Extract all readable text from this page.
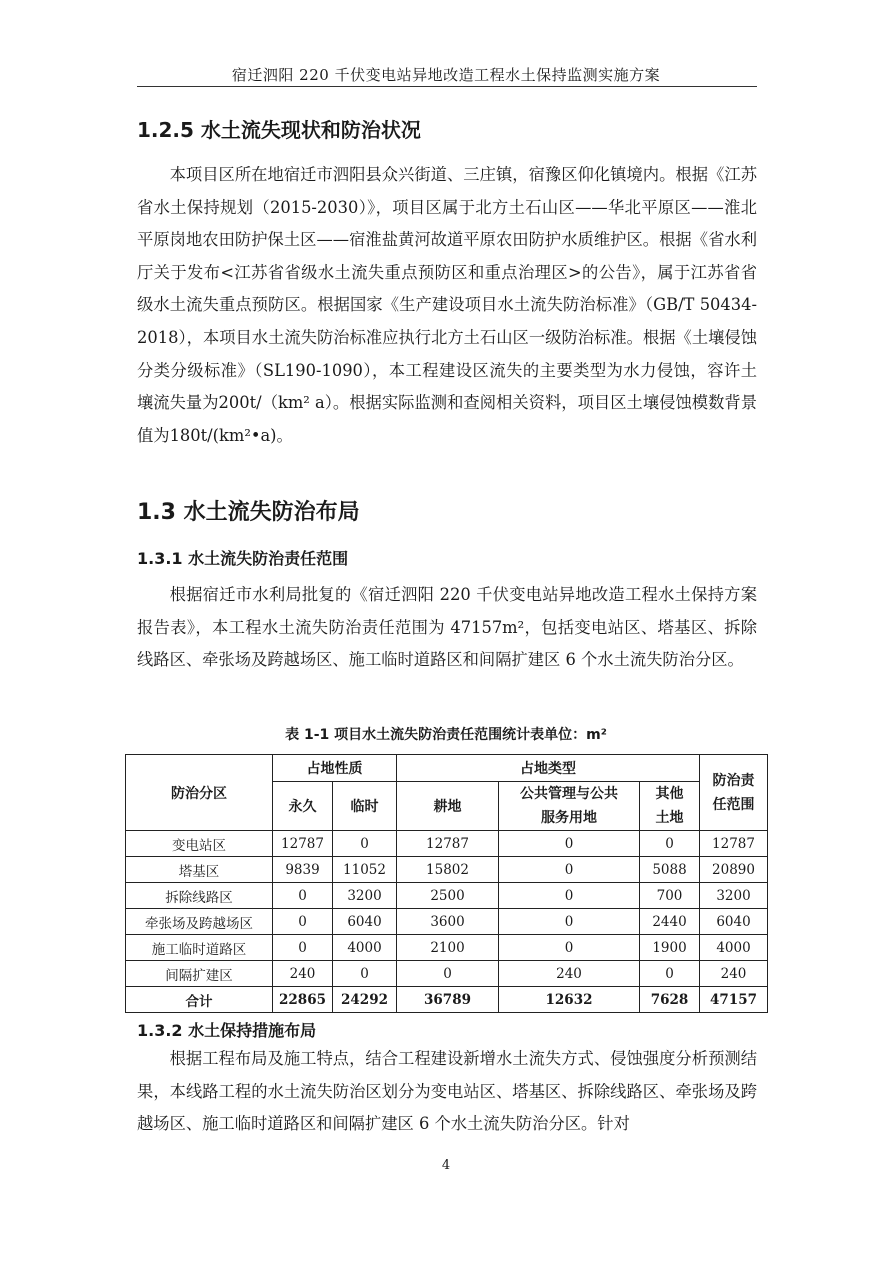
宿迁泗阳 220 千伏变电站异地改造工程水土保持监测实施方案
1.2.5 水土流失现状和防治状况
本项目区所在地宿迁市泗阳县众兴街道、三庄镇，宿豫区仰化镇境内。根据《江苏省水土保持规划（2015-2030）》，项目区属于北方土石山区——华北平原区——淮北平原岗地农田防护保土区——宿淮盐黄河故道平原农田防护水质维护区。根据《省水利厅关于发布<江苏省省级水土流失重点预防区和重点治理区>的公告》，属于江苏省省级水土流失重点预防区。根据国家《生产建设项目水土流失防治标准》（GB/T 50434-2018），本项目水土流失防治标准应执行北方土石山区一级防治标准。根据《土壤侵蚀分类分级标准》（SL190-1090），本工程建设区流失的主要类型为水力侵蚀，容许土壤流失量为200t/（km² a）。根据实际监测和查阅相关资料，项目区土壤侵蚀模数背景值为180t/(km²•a)。
1.3 水土流失防治布局
1.3.1 水土流失防治责任范围
根据宿迁市水利局批复的《宿迁泗阳 220 千伏变电站异地改造工程水土保持方案报告表》，本工程水土流失防治责任范围为 47157m²，包括变电站区、塔基区、拆除线路区、牵张场及跨越场区、施工临时道路区和间隔扩建区 6 个水土流失防治分区。
表 1-1 项目水土流失防治责任范围统计表单位：m²
防治分区	占地性质		占地类型			防治责任范围
	永久	临时	耕地	公共管理与公共服务用地	其他土地	
变电站区	12787	0	12787	0	0	12787
塔基区	9839	11052	15802	0	5088	20890
拆除线路区	0	3200	2500	0	700	3200
牵张场及跨越场区	0	6040	3600	0	2440	6040
施工临时道路区	0	4000	2100	0	1900	4000
间隔扩建区	240	0	0	240	0	240
合计	22865	24292	36789	12632	7628	47157
1.3.2 水土保持措施布局
根据工程布局及施工特点，结合工程建设新增水土流失方式、侵蚀强度分析预测结果，本线路工程的水土流失防治区划分为变电站区、塔基区、拆除线路区、牵张场及跨越场区、施工临时道路区和间隔扩建区 6 个水土流失防治分区。针对
4
